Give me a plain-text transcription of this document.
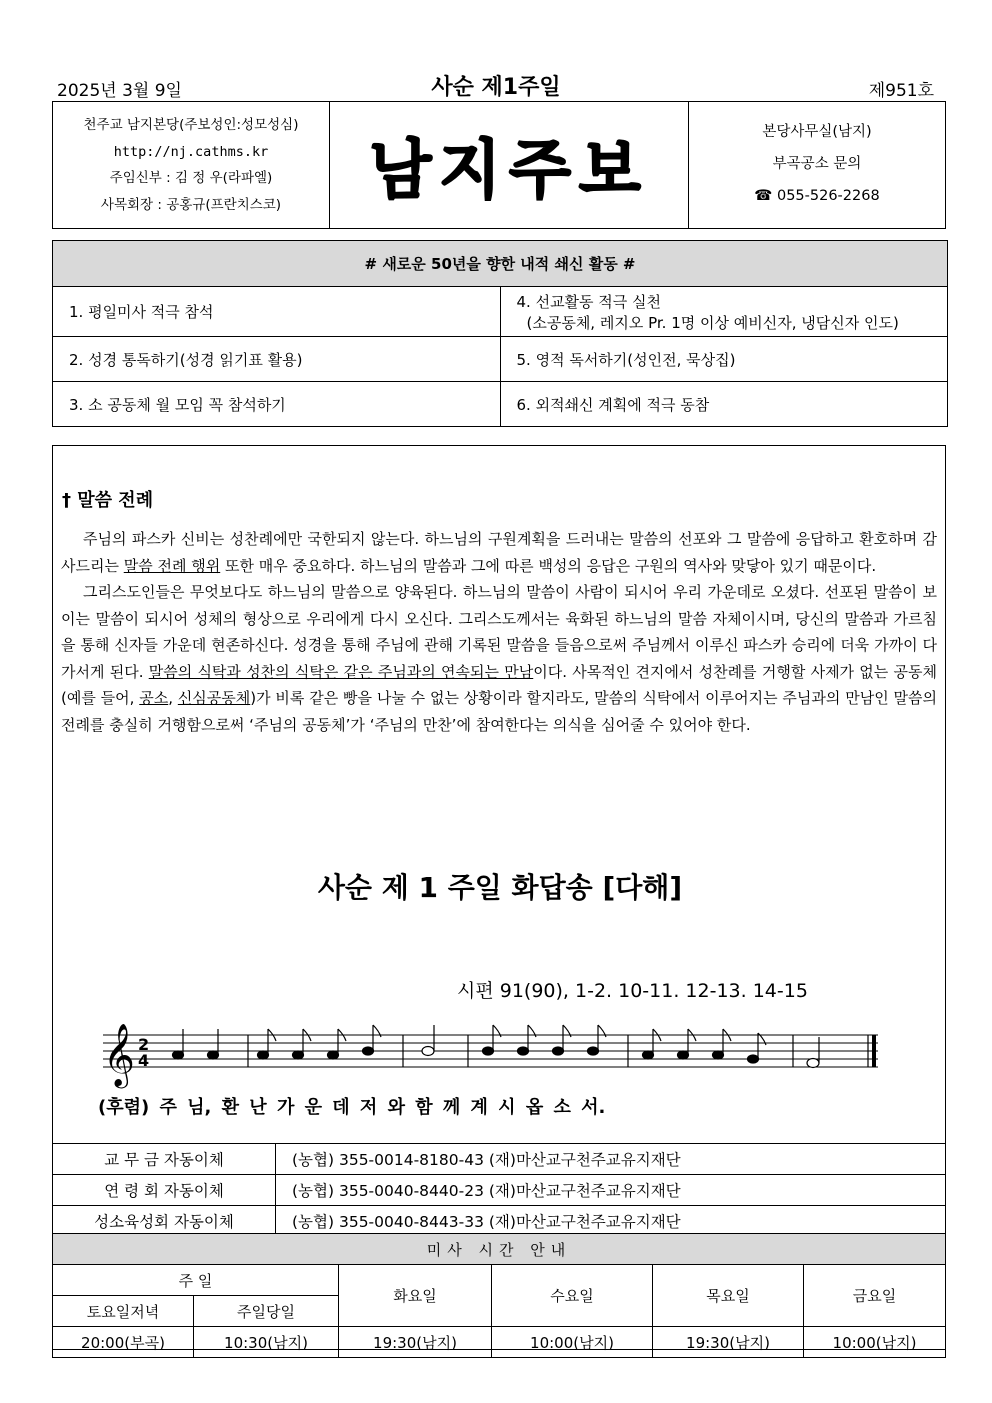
2025년 3월 9일	사순 제1주일	제951호
천주교 남지본당(주보성인:성모성심)
http://nj.cathms.kr
주임신부 : 김 정 우(라파엘)
사목회장 : 공홍규(프란치스코)	남지주보
본당사무실(남지)
부곡공소 문의
☎ 055-526-2268
# 새로운 50년을 향한 내적 쇄신 활동 #	
1. 평일미사 적극 참석	4. 선교활동 적극 실천
(소공동체, 레지오 Pr. 1명 이상 예비신자, 냉담신자 인도)

2. 성경 통독하기(성경 읽기표 활용)	5. 영적 독서하기(성인전, 묵상집)
3. 소 공동체 월 모임 꼭 참석하기	6. 외적쇄신 계획에 적극 동참
† 말씀 전례

주님의 파스카 신비는 성찬례에만 국한되지 않는다. 하느님의 구원계획을 드러내는 말씀의 선포와 그 말씀에 응답하고 환호하며 감사드리는 말씀 전례 행위 또한 매우 중요하다. 하느님의 말씀과 그에 따른 백성의 응답은 구원의 역사와 맞닿아 있기 때문이다.

그리스도인들은 무엇보다도 하느님의 말씀으로 양육된다. 하느님의 말씀이 사람이 되시어 우리 가운데로 오셨다. 선포된 말씀이 보이는 말씀이 되시어 성체의 형상으로 우리에게 다시 오신다. 그리스도께서는 육화된 하느님의 말씀 자체이시며, 당신의 말씀과 가르침을 통해 신자들 가운데 현존하신다. 성경을 통해 주님에 관해 기록된 말씀을 들음으로써 주님께서 이루신 파스카 승리에 더욱 가까이 다가서게 된다. 말씀의 식탁과 성찬의 식탁은 같은 주님과의 연속되는 만남이다. 사목적인 견지에서 성찬례를 거행할 사제가 없는 공동체(예를 들어, 공소, 신심공동체)가 비록 같은 빵을 나눌 수 없는 상황이라 할지라도, 말씀의 식탁에서 이루어지는 주님과의 만남인 말씀의 전례를 충실히 거행함으로써 ‘주님의 공동체’가 ‘주님의 만찬’에 참여한다는 의식을 심어줄 수 있어야 한다.

사순 제 1 주일 화답송 [다해]
시편 91(90), 1-2. 10-11. 12-13. 14-15
𝄞 2
4
(후렴) 주 님, 환 난 가 운 데 저 와 함 께 계 시 옵 소 서.
교 무 금 자동이체	(농협) 355-0014-8180-43 (재)마산교구천주교유지재단
연 령 회 자동이체	(농협) 355-0040-8440-23 (재)마산교구천주교유지재단
성소육성회 자동이체	(농협) 355-0040-8443-33 (재)마산교구천주교유지재단
미사 시간 안내					
주 일		화요일	수요일	목요일	금요일
토요일저녁	주일당일				
20:00(부곡)	10:30(남지)	19:30(남지)	10:00(남지)	19:30(남지)	10:00(남지)
